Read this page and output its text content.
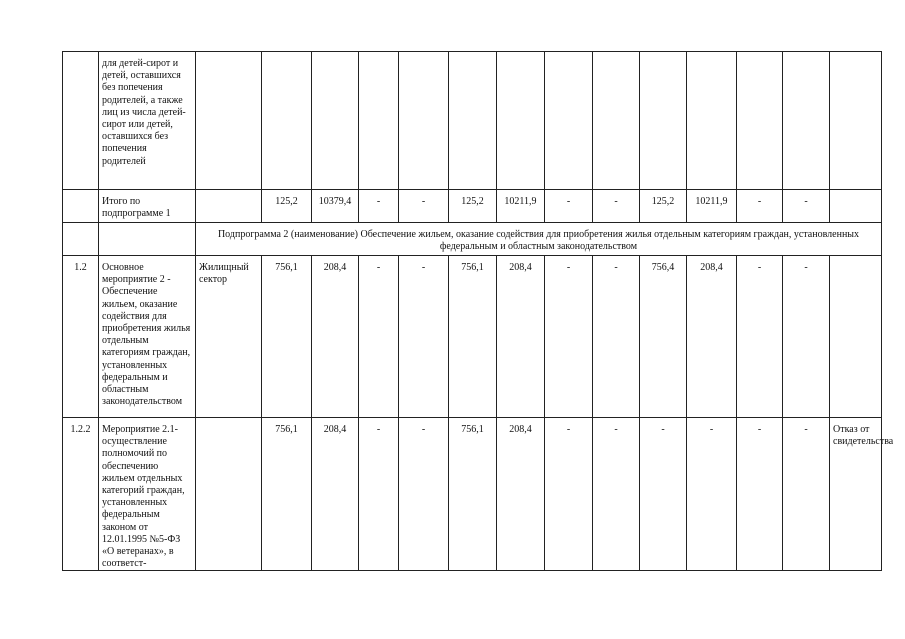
	для детей-сирот и детей, оставшихся без попечения родителей, а также лиц из числа детей-сирот или детей, оставшихся без попечения родителей														
	Итого по подпрограмме 1		125,2	10379,4	-	-	125,2	10211,9	-	-	125,2	10211,9	-	-	
		Подпрограмма 2 (наименование) Обеспечение жильем, оказание содействия для приобретения жилья отдельным категориям граждан, установленных федеральным и областным законодательством													
1.2	Основное мероприятие 2 - Обеспечение жильем, оказание содействия для приобретения жилья отдельным категориям граждан, установленных федеральным и областным законодательством	Жилищный сектор	756,1	208,4	-	-	756,1	208,4	-	-	756,4	208,4	-	-	
1.2.2	Мероприятие 2.1- осуществление полномочий по обеспечению жильем отдельных категорий граждан, установленных федеральным законом от 12.01.1995 №5-ФЗ «О ветеранах», в соответст-		756,1	208,4	-	-	756,1	208,4	-	-	-	-	-	-	Отказ от свидетельства
